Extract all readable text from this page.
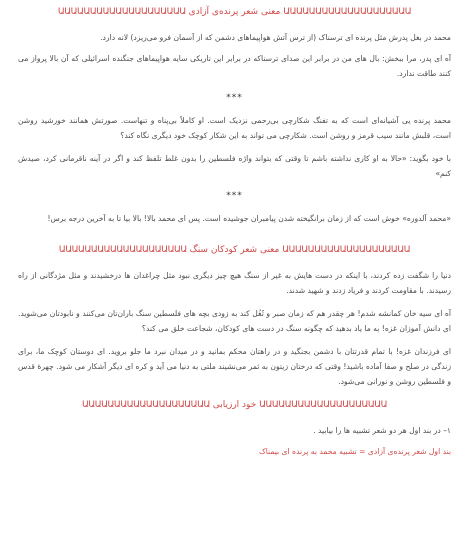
ԱԱԱԱԱԱԱԱԱԱԱԱԱԱԱԱԱԱԱԱ معنی شعر پرنده‌ی آزادی ԱԱԱԱԱԱԱԱԱԱԱԱԱԱԱԱԱԱԱԱ

محمد در بغل پدرش مثل پرنده ای ترسناک (از ترس آتش هواپیماهای دشمن که از آسمان فرو می‌ریزد) لانه دارد.

آه ای پدر، مرا ببخش: بال های من در برابر این صدای ترسناکه در برابر این تاریکی سایه هواپیماهای جنگنده اسرائیلی که آن بالا پرواز می کنند طاقت ندارد.

***

محمد پرنده یی آشیانه‌ای است که به تفنگ شکارچی بی‌رحمی نزدیک است. او کاملاً بی‌پناه و تنهاست. صورتش همانند خورشید روشن است، قلبش مانند سیب قرمز و روشن است. شکارچی می تواند به این شکار کوچک خود دیگری نگاه کند؟

با خود بگوید: «حالا به او کاری نداشته باشم تا وقتی که بتواند واژه فلسطین را بدون غلط تلفظ کند و اگر در آینه ناقرمانی کرد، صیدش کنم»

***

«محمد آلدوره» خوش است که از زمان برانگیخته شدن پیامبران جوشیده است. پس ای محمد بالا! بالا بیا تا به آخرین درجه برس!

ԱԱԱԱԱԱԱԱԱԱԱԱԱԱԱԱԱԱԱԱ معنی شعر کودکان سنگ ԱԱԱԱԱԱԱԱԱԱԱԱԱԱԱԱԱԱԱԱ

دنیا را شگفت زده کردند، با اینکه در دست هایش به غیر از سنگ هیچ چیز دیگری نبود مثل چراغدان ها درخشیدند و مثل مژدگانی از راه رسیدند. با مقاومت کردند و فریاد زدند و شهید شدند.

آه ای سیه خان کمانشه شدم! هر چقدر هم که زمان صبر و تُغُل کند به زودی بچه های فلسطین سنگ باران‌تان می‌کنند و نابود‌تان می‌شوید. ای دانش آموزان غزه! به ما یاد بدهید که چگونه سنگ در دست های کودکان، شجاعت خلق می کند؟

ای فرزندان غزه! با تمام قدرتتان با دشمن بجنگید و در راهتان محکم بمانید و در میدان نبرد ما جلو بروید. ای دوستان کوچک ما، برای زندگی در صلح و صفا آماده باشید! وقتی که درختان زیتون به ثمر می‌نشیند ملتی به دنیا می آید و کره ای دیگر آشکار می شود. چهرهٔ قدس و فلسطین روشن و نورانی می‌شود.

ԱԱԱԱԱԱԱԱԱԱԱԱԱԱԱԱԱԱԱԱ خود ارزیابی ԱԱԱԱԱԱԱԱԱԱԱԱԱԱԱԱԱԱԱԱ

۱– در بند اول هر دو شعر تشبیه ها را بیابید .

بند اول شعر پرنده‌ی آزادی = تشبیه محمد به پرنده ای بیمناک
